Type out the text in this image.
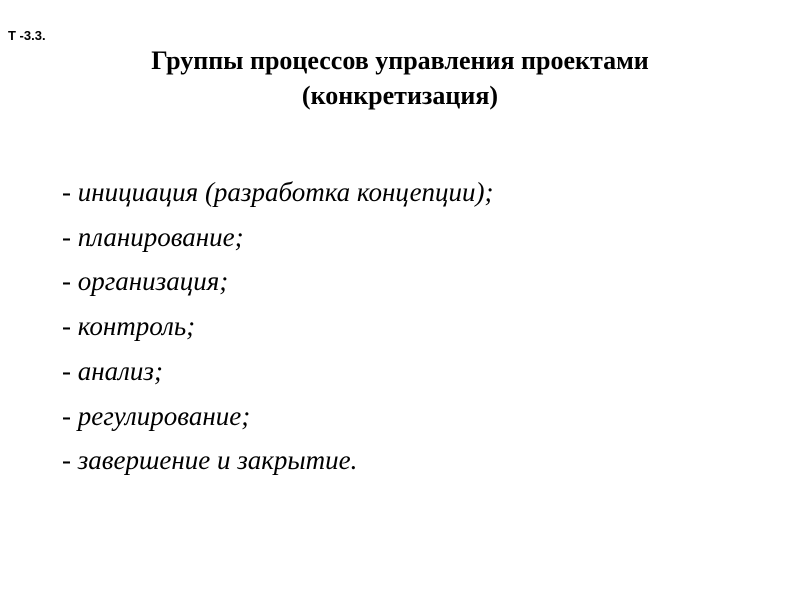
Т -3.3.
Группы процессов управления проектами
(конкретизация)
- инициация (разработка концепции);
- планирование;
- организация;
- контроль;
- анализ;
- регулирование;
- завершение и закрытие.
